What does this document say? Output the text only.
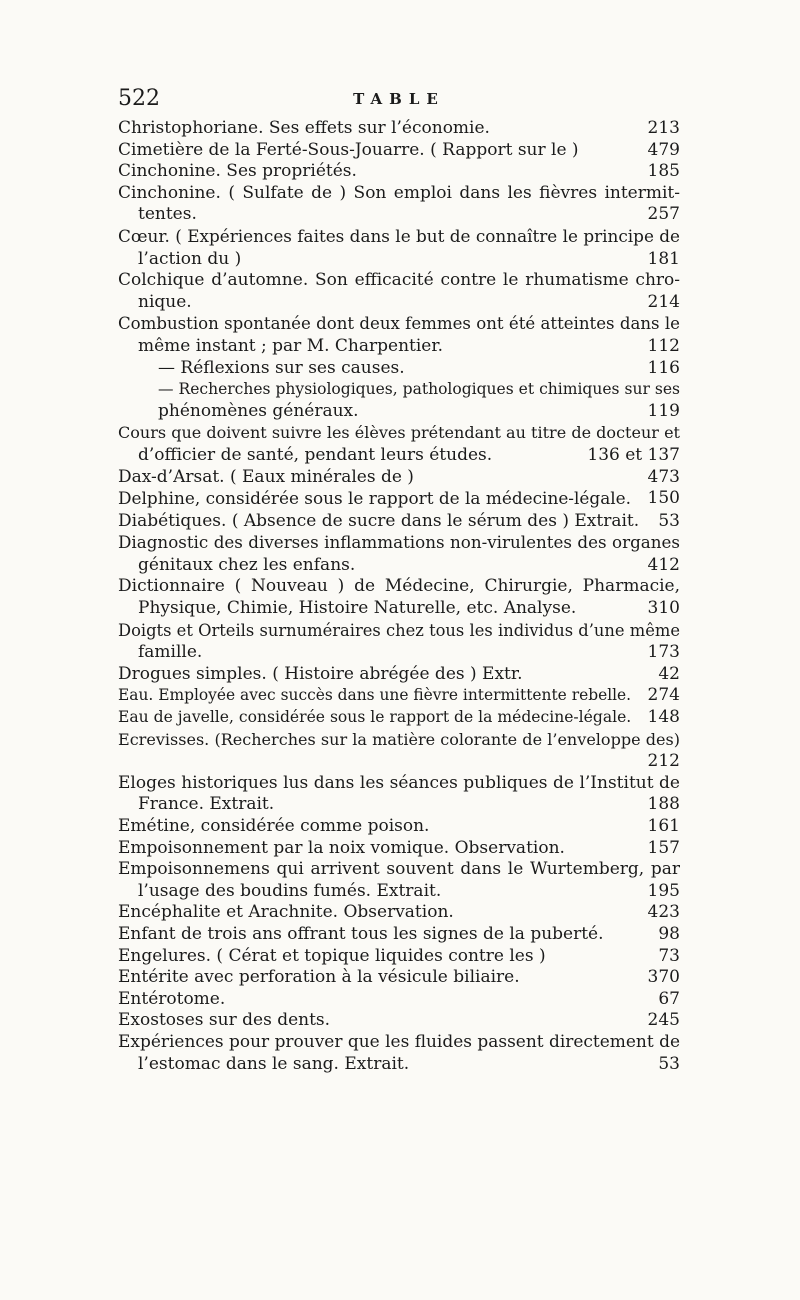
522	TABLE
Christophoriane. Ses effets sur l’économie.	213
Cimetière de la Ferté-Sous-Jouarre. ( Rapport sur le )	479
Cinchonine. Ses propriétés.	185
Cinchonine. ( Sulfate de ) Son emploi dans les fièvres intermit-
tentes.	257
Cœur. ( Expériences faites dans le but de connaître le principe de
l’action du )	181
Colchique d’automne. Son efficacité contre le rhumatisme chro-
nique.	214
Combustion spontanée dont deux femmes ont été atteintes dans le
même instant ; par M. Charpentier.	112
— Réflexions sur ses causes.	116
— Recherches physiologiques, pathologiques et chimiques sur ses
phénomènes généraux.	119
Cours que doivent suivre les élèves prétendant au titre de docteur et
d’officier de santé, pendant leurs études.	136 et 137
Dax-d’Arsat. ( Eaux minérales de )	473
Delphine, considérée sous le rapport de la médecine-légale. 150
Diabétiques. ( Absence de sucre dans le sérum des ) Extrait. 53
Diagnostic des diverses inflammations non-virulentes des organes
génitaux chez les enfans.	412
Dictionnaire ( Nouveau ) de Médecine, Chirurgie, Pharmacie,
Physique, Chimie, Histoire Naturelle, etc. Analyse.	310
Doigts et Orteils surnuméraires chez tous les individus d’une même
famille.	173
Drogues simples. ( Histoire abrégée des ) Extr.	42
Eau. Employée avec succès dans une fièvre intermittente rebelle. 274
Eau de javelle, considérée sous le rapport de la médecine-légale. 148
Ecrevisses. (Recherches sur la matière colorante de l’enveloppe des)
212
Eloges historiques lus dans les séances publiques de l’Institut de
France. Extrait.	188
Emétine, considérée comme poison.	161
Empoisonnement par la noix vomique. Observation.	157
Empoisonnemens qui arrivent souvent dans le Wurtemberg, par
l’usage des boudins fumés. Extrait.	195
Encéphalite et Arachnite. Observation.	423
Enfant de trois ans offrant tous les signes de la puberté.	98
Engelures. ( Cérat et topique liquides contre les )	73
Entérite avec perforation à la vésicule biliaire.	370
Entérotome.	67
Exostoses sur des dents.	245
Expériences pour prouver que les fluides passent directement de
l’estomac dans le sang. Extrait.	53
